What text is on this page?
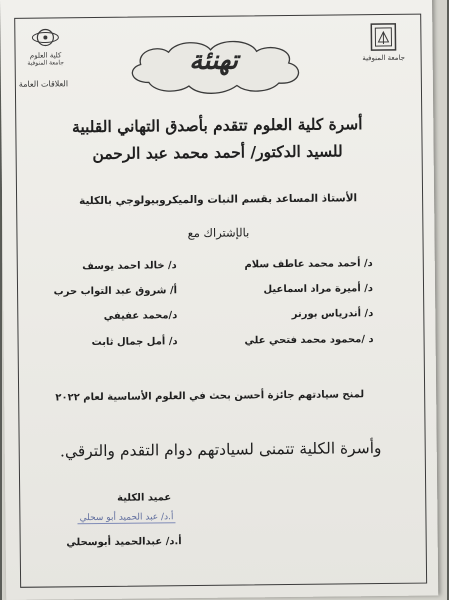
جامعة المنوفية
كلية العلوم
جامعة المنوفية
العلاقات العامة
تهنئة
أسرة كلية العلوم تتقدم بأصدق التهاني القلبية
للسيد الدكتور/ أحمد محمد عبد الرحمن
الأستاذ المساعد بقسم النبات والميكروبيولوجي بالكلية
بالإشتراك مع
د/ أحمد محمد عاطف سلام
د/ خالد احمد يوسف
د/ أميرة مراد اسماعيل
أ/ شروق عبد التواب حرب
د/ أندرياس بورنر
د/محمد عفيفي
د /محمود محمد فتحي علي
د/ أمل جمال ثابت
لمنح سيادتهم جائزة أحسن بحث في العلوم الأساسية لعام ٢٠٢٢
وأسرة الكلية تتمنى لسيادتهم دوام التقدم والترقي.
عميد الكلية
أ.د/ عبد الحميد أبو سحلي
أ.د/ عبدالحميد أبوسحلي
